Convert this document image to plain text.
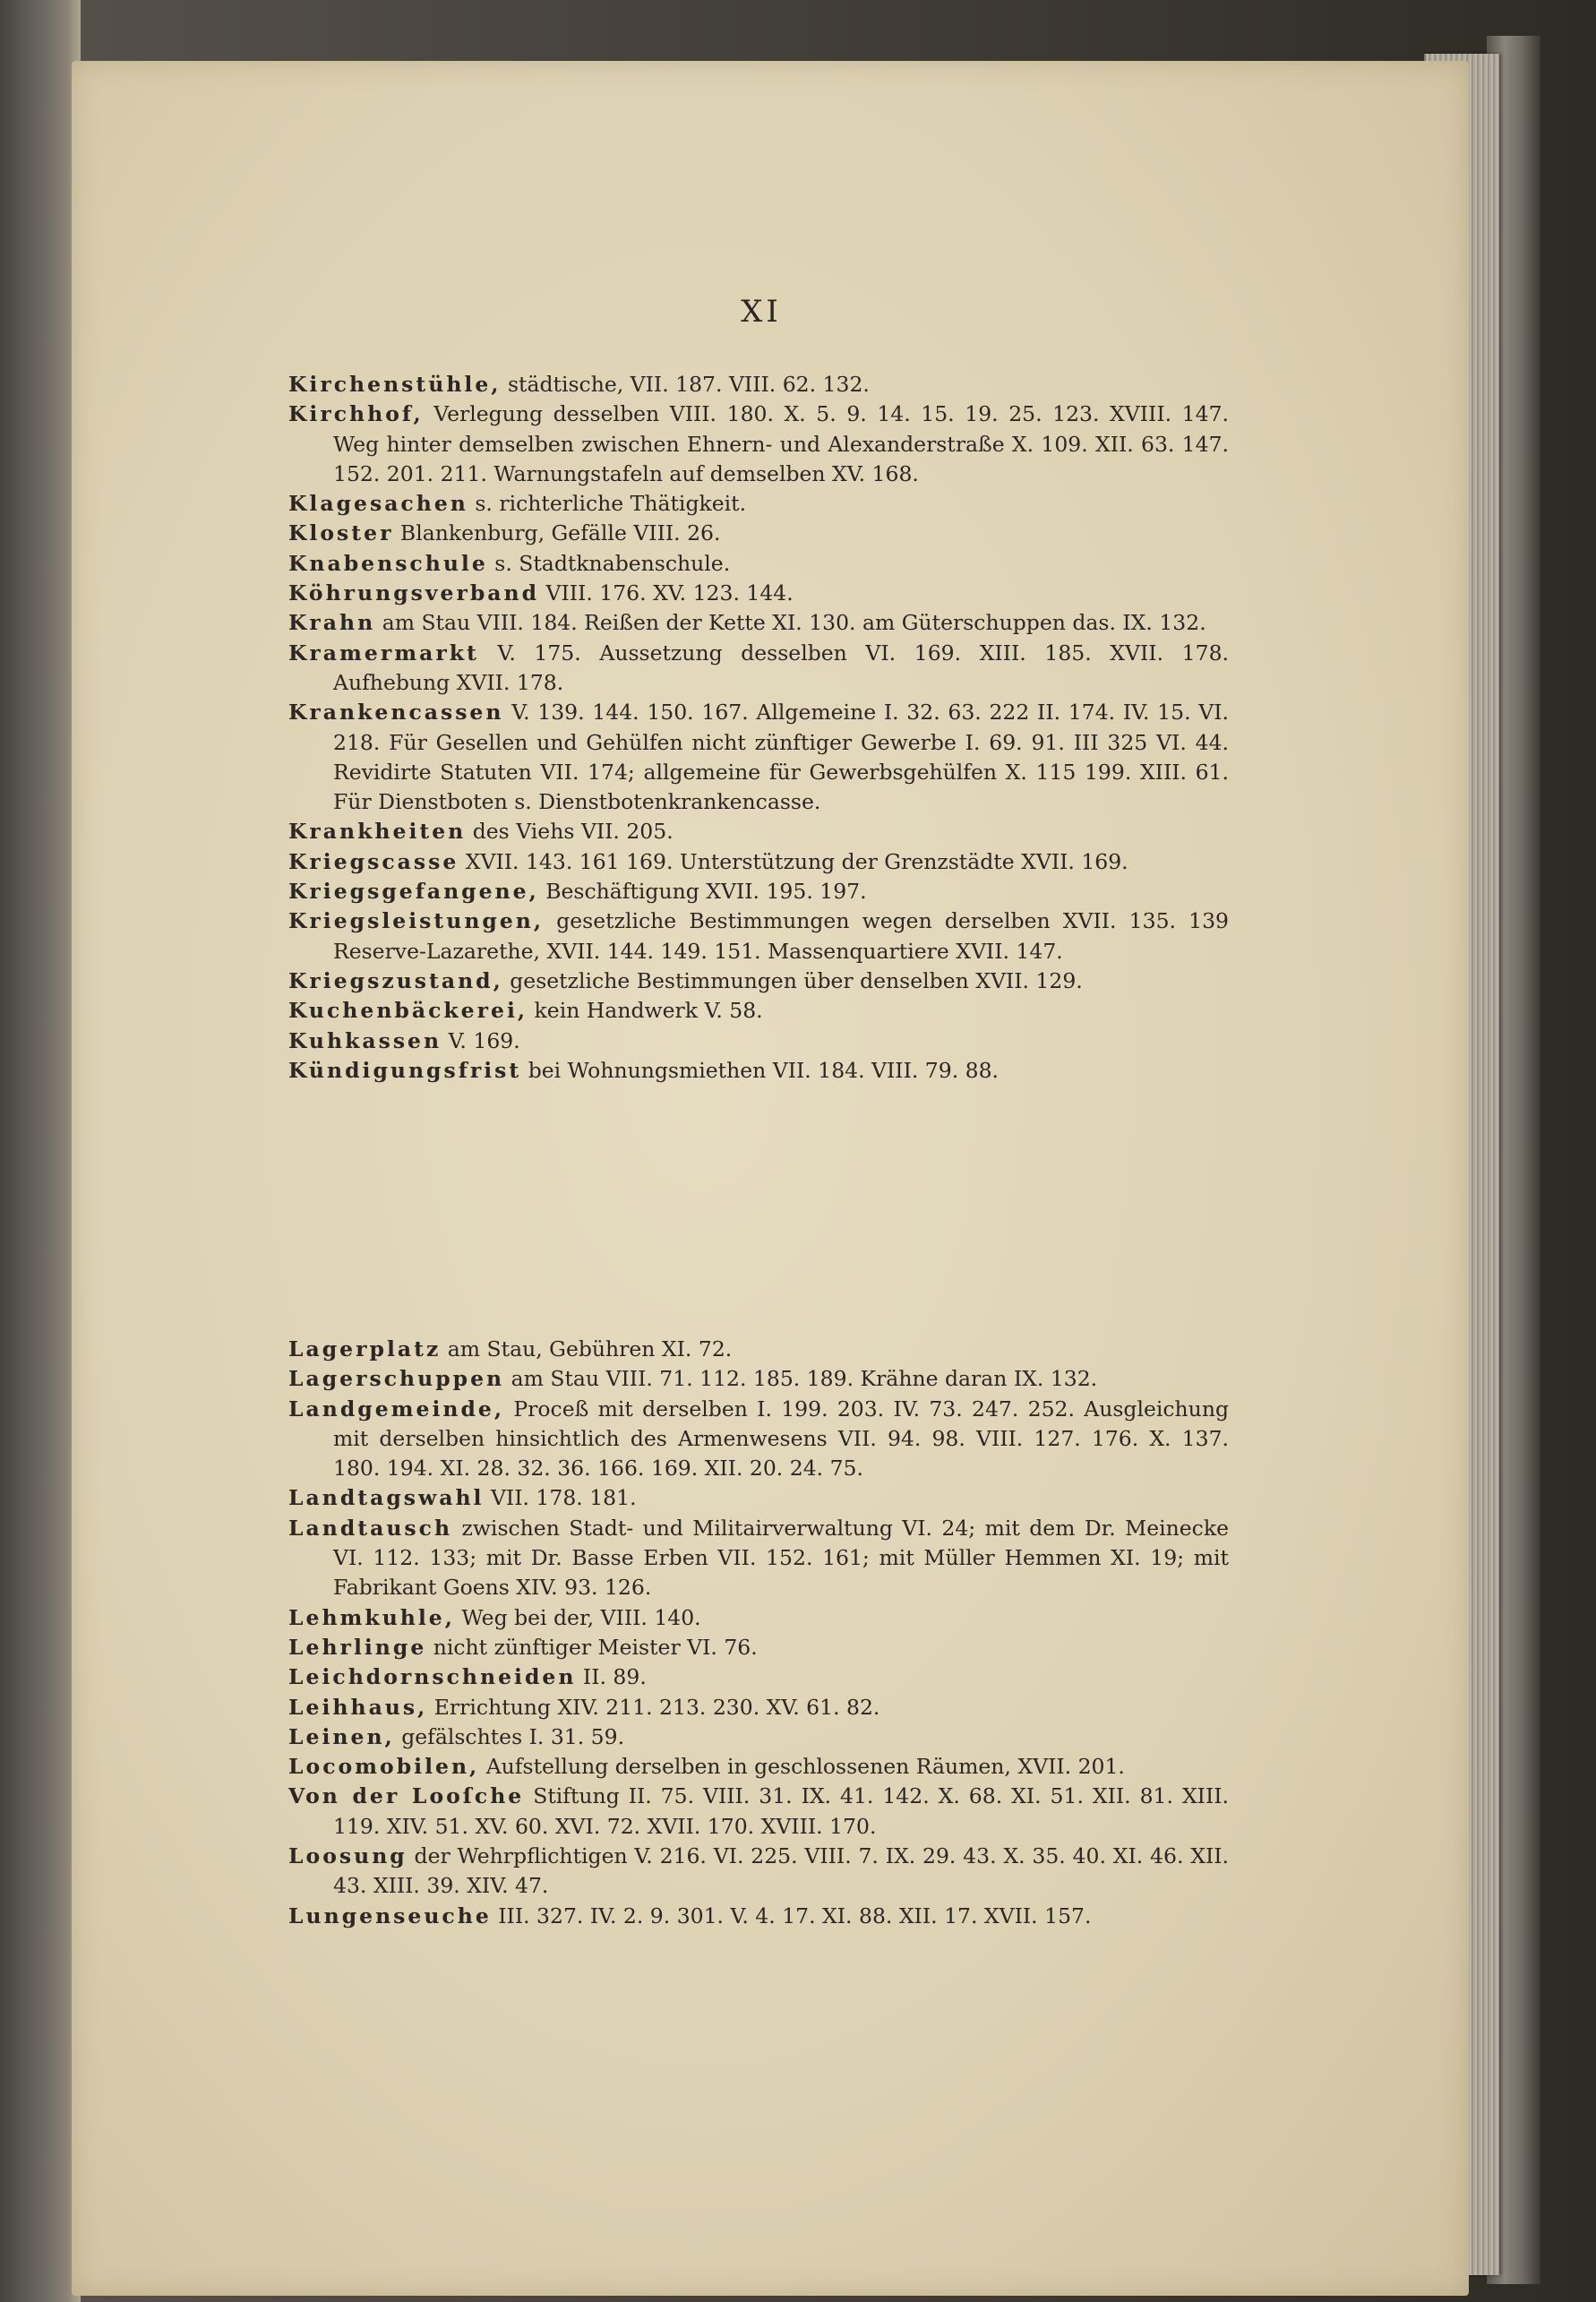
XI

Kirchenstühle, städtische, VII. 187. VIII. 62. 132.

Kirchhof, Verlegung desselben VIII. 180. X. 5. 9. 14. 15. 19. 25. 123. XVIII. 147. Weg hinter demselben zwischen Ehnern- und Alexanderstraße X. 109. XII. 63. 147. 152. 201. 211. Warnungstafeln auf demselben XV. 168.

Klagesachen s. richterliche Thätigkeit.

Kloster Blankenburg, Gefälle VIII. 26.

Knabenschule s. Stadtknabenschule.

Köhrungsverband VIII. 176. XV. 123. 144.

Krahn am Stau VIII. 184. Reißen der Kette XI. 130. am Güterschuppen das. IX. 132.

Kramermarkt V. 175. Aussetzung desselben VI. 169. XIII. 185. XVII. 178. Aufhebung XVII. 178.

Krankencassen V. 139. 144. 150. 167. Allgemeine I. 32. 63. 222 II. 174. IV. 15. VI. 218. Für Gesellen und Gehülfen nicht zünftiger Gewerbe I. 69. 91. III 325 VI. 44. Revidirte Statuten VII. 174; allgemeine für Gewerbsgehülfen X. 115 199. XIII. 61. Für Dienstboten s. Dienstbotenkrankencasse.

Krankheiten des Viehs VII. 205.

Kriegscasse XVII. 143. 161 169. Unterstützung der Grenzstädte XVII. 169.

Kriegsgefangene, Beschäftigung XVII. 195. 197.

Kriegsleistungen, gesetzliche Bestimmungen wegen derselben XVII. 135. 139 Reserve-Lazarethe, XVII. 144. 149. 151. Massenquartiere XVII. 147.

Kriegszustand, gesetzliche Bestimmungen über denselben XVII. 129.

Kuchenbäckerei, kein Handwerk V. 58.

Kuhkassen V. 169.

Kündigungsfrist bei Wohnungsmiethen VII. 184. VIII. 79. 88.

Lagerplatz am Stau, Gebühren XI. 72.

Lagerschuppen am Stau VIII. 71. 112. 185. 189. Krähne daran IX. 132.

Landgemeinde, Proceß mit derselben I. 199. 203. IV. 73. 247. 252. Ausgleichung mit derselben hinsichtlich des Armenwesens VII. 94. 98. VIII. 127. 176. X. 137. 180. 194. XI. 28. 32. 36. 166. 169. XII. 20. 24. 75.

Landtagswahl VII. 178. 181.

Landtausch zwischen Stadt- und Militairverwaltung VI. 24; mit dem Dr. Meinecke VI. 112. 133; mit Dr. Basse Erben VII. 152. 161; mit Müller Hemmen XI. 19; mit Fabrikant Goens XIV. 93. 126.

Lehmkuhle, Weg bei der, VIII. 140.

Lehrlinge nicht zünftiger Meister VI. 76.

Leichdornschneiden II. 89.

Leihhaus, Errichtung XIV. 211. 213. 230. XV. 61. 82.

Leinen, gefälschtes I. 31. 59.

Locomobilen, Aufstellung derselben in geschlossenen Räumen, XVII. 201.

Von der Looſche Stiftung II. 75. VIII. 31. IX. 41. 142. X. 68. XI. 51. XII. 81. XIII. 119. XIV. 51. XV. 60. XVI. 72. XVII. 170. XVIII. 170.

Loosung der Wehrpflichtigen V. 216. VI. 225. VIII. 7. IX. 29. 43. X. 35. 40. XI. 46. XII. 43. XIII. 39. XIV. 47.

Lungenseuche III. 327. IV. 2. 9. 301. V. 4. 17. XI. 88. XII. 17. XVII. 157.
